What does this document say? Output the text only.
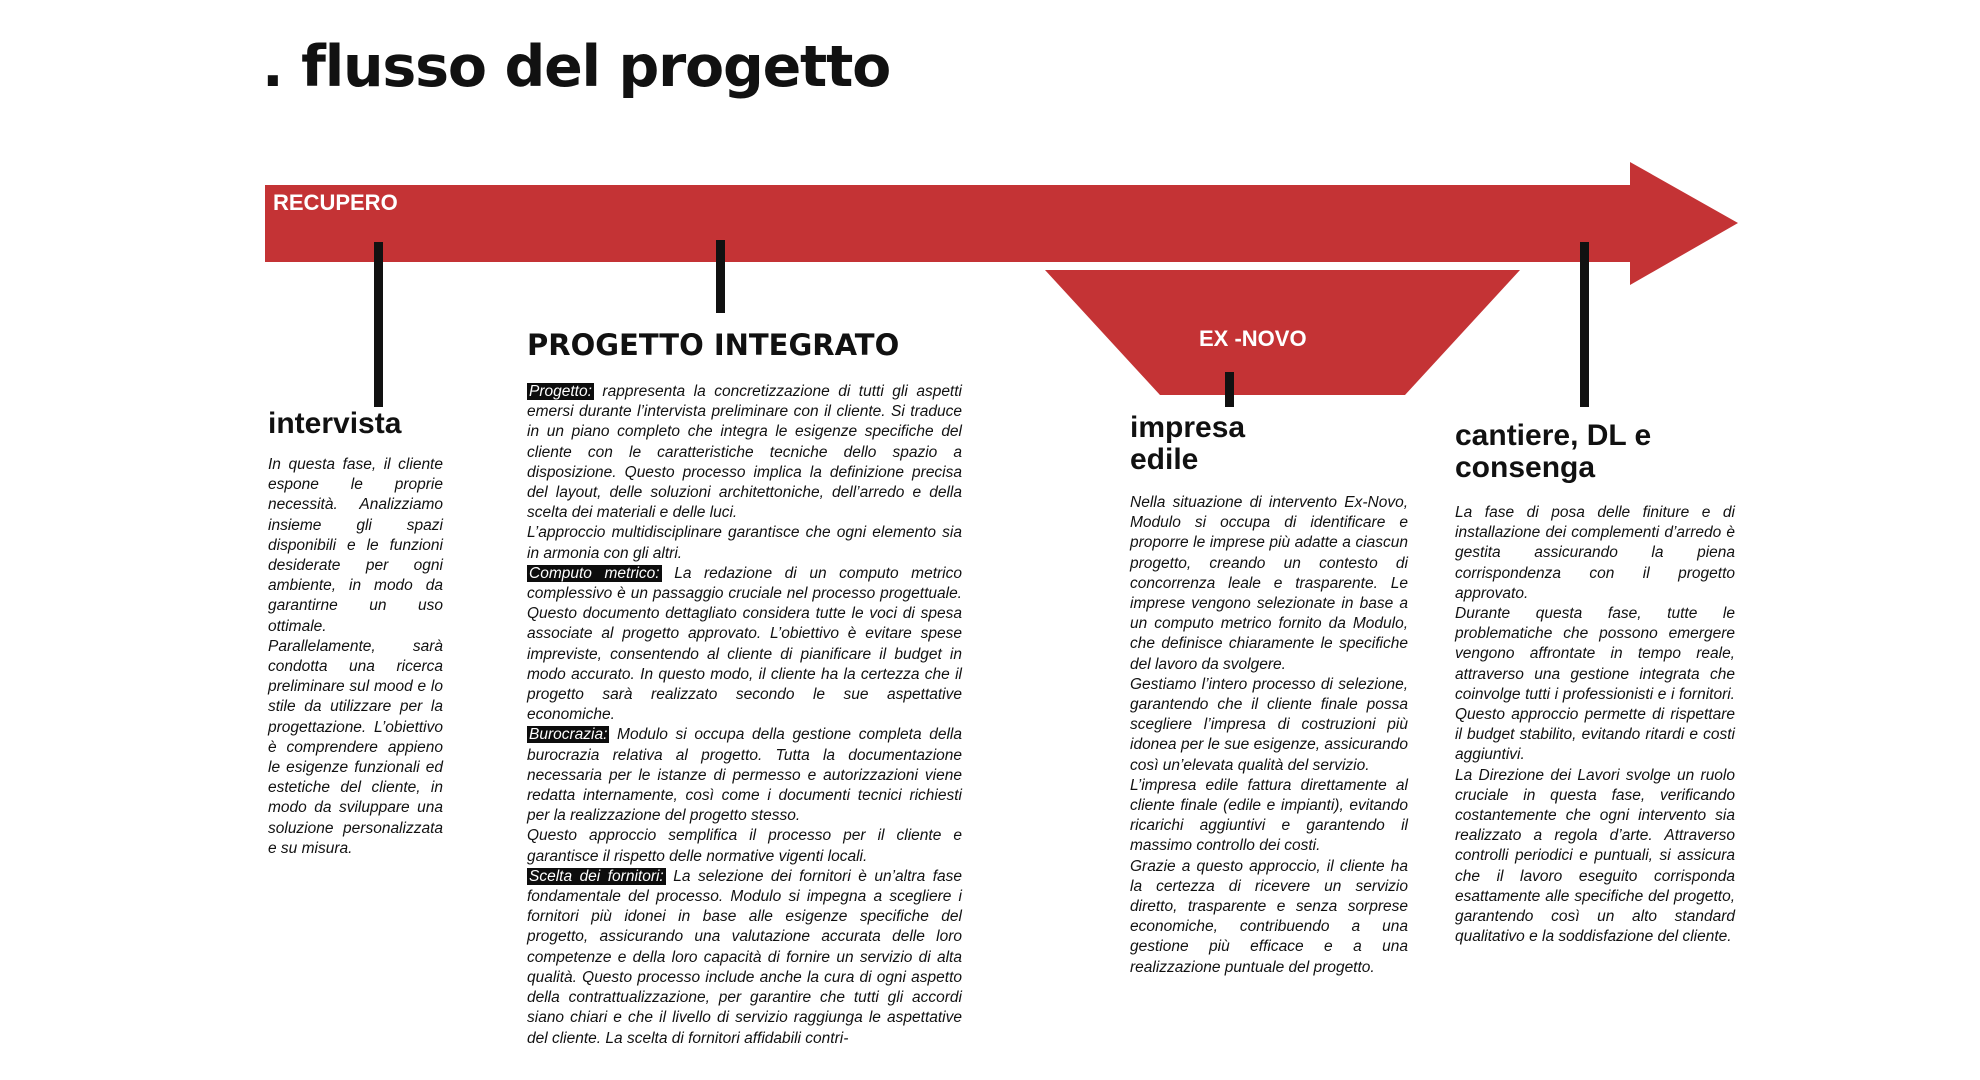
. flusso del progetto
RECUPERO
EX -NOVO
intervista

In questa fase, il cliente espone le proprie necessità. Analizziamo insieme gli spazi disponibili e le funzioni desiderate per ogni ambiente, in modo da garantirne un uso ottimale.

Parallelamente, sarà condotta una ricerca preliminare sul mood e lo stile da utilizzare per la progettazione. L’obiettivo è comprendere appieno le esigenze funzionali ed estetiche del cliente, in modo da sviluppare una soluzione personalizzata e su misura.

PROGETTO INTEGRATO

Progetto: rappresenta la concretizzazione di tutti gli aspetti emersi durante l’intervista preliminare con il cliente. Si traduce in un piano completo che integra le esigenze specifiche del cliente con le caratteristiche tecniche dello spazio a disposizione. Questo processo implica la definizione precisa del layout, delle soluzioni architettoniche, dell’arredo e della scelta dei materiali e delle luci.

L’approccio multidisciplinare garantisce che ogni elemento sia in armonia con gli altri.

Computo metrico: La redazione di un computo metrico complessivo è un passaggio cruciale nel processo progettuale. Questo documento dettagliato considera tutte le voci di spesa associate al progetto approvato. L’obiettivo è evitare spese impreviste, consentendo al cliente di pianificare il budget in modo accurato. In questo modo, il cliente ha la certezza che il progetto sarà realizzato secondo le sue aspettative economiche.

Burocrazia: Modulo si occupa della gestione completa della burocrazia relativa al progetto. Tutta la documentazione necessaria per le istanze di permesso e autorizzazioni viene redatta internamente, così come i documenti tecnici richiesti per la realizzazione del progetto stesso.

Questo approccio semplifica il processo per il cliente e garantisce il rispetto delle normative vigenti locali.

Scelta dei fornitori: La selezione dei fornitori è un’altra fase fondamentale del processo. Modulo si impegna a scegliere i fornitori più idonei in base alle esigenze specifiche del progetto, assicurando una valutazione accurata delle loro competenze e della loro capacità di fornire un servizio di alta qualità. Questo processo include anche la cura di ogni aspetto della contrattualizzazione, per garantire che tutti gli accordi siano chiari e che il livello di servizio raggiunga le aspettative del cliente. La scelta di fornitori affidabili contri-

impresa
edile

Nella situazione di intervento Ex-Novo, Modulo si occupa di identificare e proporre le imprese più adatte a ciascun progetto, creando un contesto di concorrenza leale e trasparente. Le imprese vengono selezionate in base a un computo metrico fornito da Modulo, che definisce chiaramente le specifiche del lavoro da svolgere.

Gestiamo l’intero processo di selezione, garantendo che il cliente finale possa scegliere l’impresa di costruzioni più idonea per le sue esigenze, assicurando così un’elevata qualità del servizio.

L’impresa edile fattura direttamente al cliente finale (edile e impianti), evitando ricarichi aggiuntivi e garantendo il massimo controllo dei costi.

Grazie a questo approccio, il cliente ha la certezza di ricevere un servizio diretto, trasparente e senza sorprese economiche, contribuendo a una gestione più efficace e a una realizzazione puntuale del progetto.

cantiere, DL e
consenga

La fase di posa delle finiture e di installazione dei complementi d’arredo è gestita assicurando la piena corrispondenza con il progetto approvato.

Durante questa fase, tutte le problematiche che possono emergere vengono affrontate in tempo reale, attraverso una gestione integrata che coinvolge tutti i professionisti e i fornitori. Questo approccio permette di rispettare il budget stabilito, evitando ritardi e costi aggiuntivi.

La Direzione dei Lavori svolge un ruolo cruciale in questa fase, verificando costantemente che ogni intervento sia realizzato a regola d’arte. Attraverso controlli periodici e puntuali, si assicura che il lavoro eseguito corrisponda esattamente alle specifiche del progetto, garantendo così un alto standard qualitativo e la soddisfazione del cliente.
